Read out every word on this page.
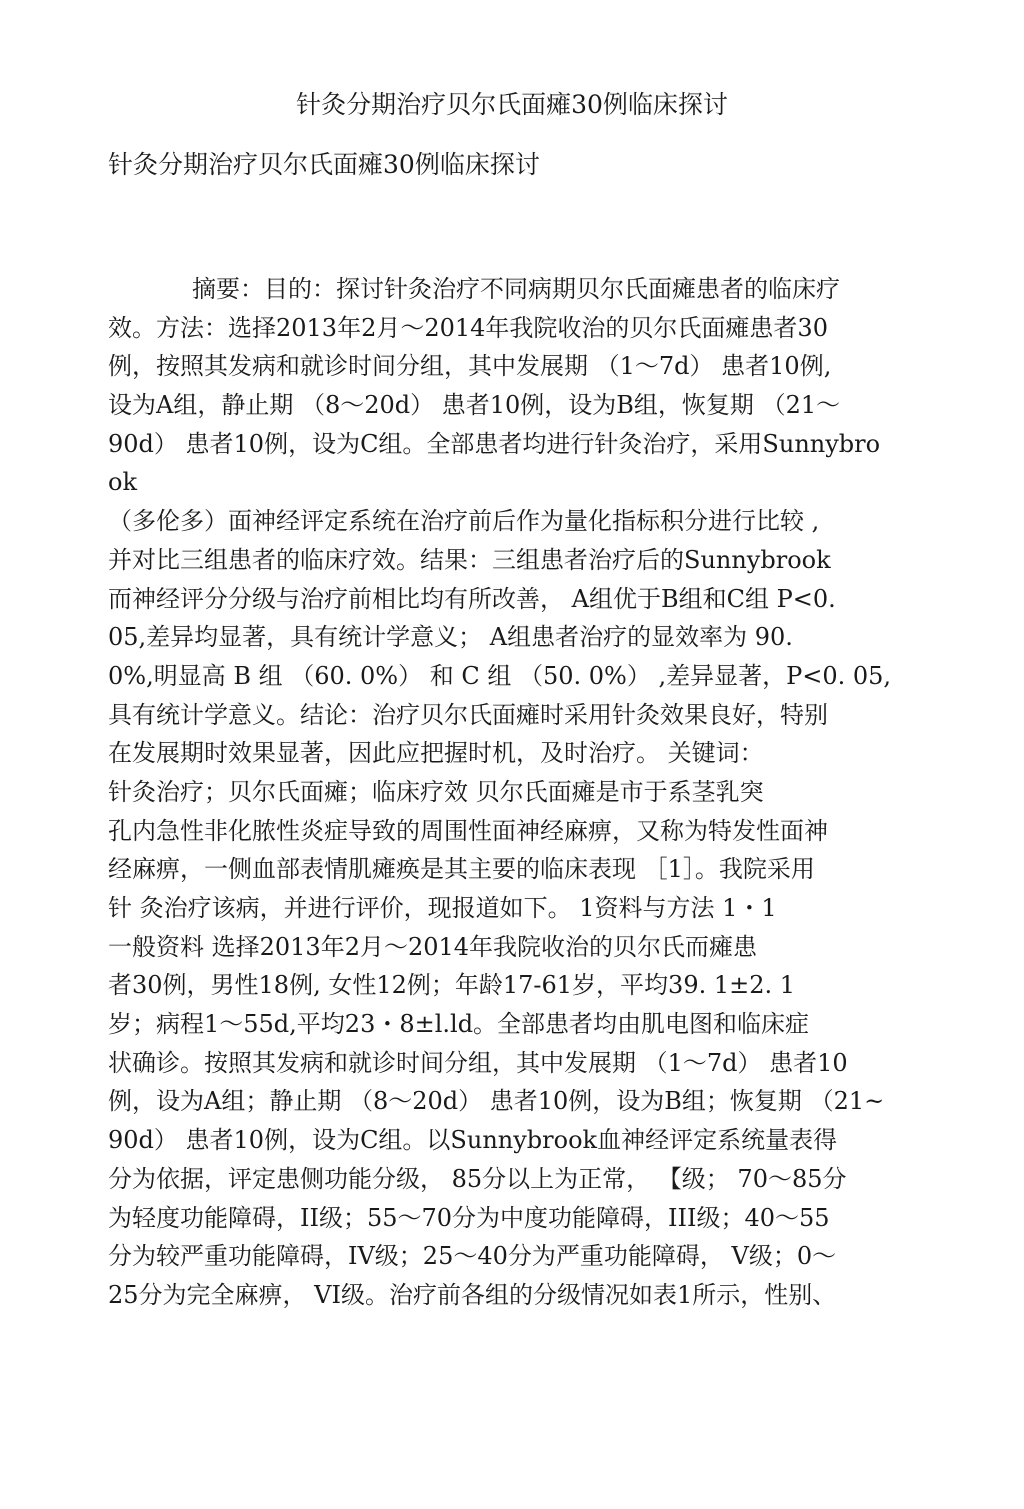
针灸分期治疗贝尔氏面瘫30例临床探讨
针灸分期治疗贝尔氏面瘫30例临床探讨
摘要：目的：探讨针灸治疗不同病期贝尔氏面瘫患者的临床疗
效。方法：选择2013年2月～2014年我院收治的贝尔氏面瘫患者30
例，按照其发病和就诊时间分组，其中发展期 （1～7d） 患者10例,
设为A组，静止期 （8～20d） 患者10例，设为B组，恢复期 （21～
90d） 患者10例，设为C组。全部患者均进行针灸治疗，采用Sunnybro
ok
（多伦多）面神经评定系统在治疗前后作为量化指标积分进行比较 ,
并对比三组患者的临床疗效。结果：三组患者治疗后的Sunnybrook
而神经评分分级与治疗前相比均有所改善， A组优于B组和C组 P<0.
05,差异均显著，具有统计学意义； A组患者治疗的显效率为 90.
0%,明显高 B 组 （60. 0%） 和 C 组 （50. 0%） ,差异显著，P<0. 05,
具有统计学意义。结论：治疗贝尔氏面瘫时采用针灸效果良好，特别
在发展期时效果显著，因此应把握时机，及时治疗。 关键词：
针灸治疗；贝尔氏面瘫；临床疗效 贝尔氏面瘫是市于系茎乳突
孔内急性非化脓性炎症导致的周围性面神经麻痹，又称为特发性面神
经麻痹，一侧血部表情肌瘫痪是其主要的临床表现 ［1］。我院采用
针 灸治疗该病，并进行评价，现报道如下。 1资料与方法 1・1
一般资料 选择2013年2月～2014年我院收治的贝尔氏而瘫患
者30例，男性18例, 女性12例；年龄17-61岁，平均39. 1±2. 1
岁；病程1～55d,平均23・8±l.ld。全部患者均由肌电图和临床症
状确诊。按照其发病和就诊时间分组，其中发展期 （1～7d） 患者10
例，设为A组；静止期 （8～20d） 患者10例，设为B组；恢复期 （21~
90d） 患者10例，设为C组。以Sunnybrook血神经评定系统量表得
分为依据，评定患侧功能分级， 85分以上为正常， 【级； 70～85分
为轻度功能障碍，II级；55～70分为中度功能障碍，III级；40～55
分为较严重功能障碍，IV级；25～40分为严重功能障碍， V级；0～
25分为完全麻痹， VI级。治疗前各组的分级情况如表1所示，性别、
